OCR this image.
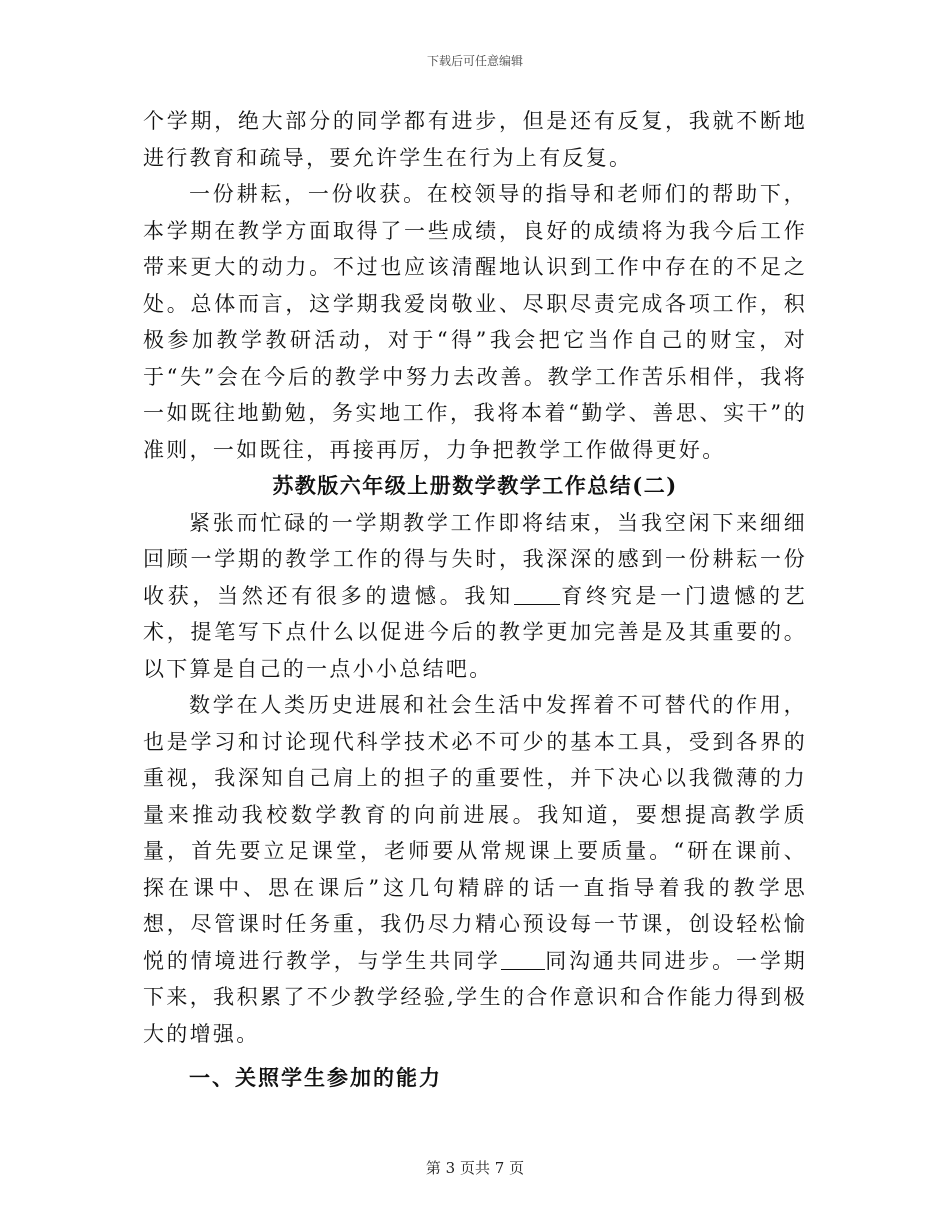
下载后可任意编辑

个学期，绝大部分的同学都有进步，但是还有反复，我就不断地进行教育和疏导，要允许学生在行为上有反复。

一份耕耘，一份收获。在校领导的指导和老师们的帮助下，本学期在教学方面取得了一些成绩，良好的成绩将为我今后工作带来更大的动力。不过也应该清醒地认识到工作中存在的不足之处。总体而言，这学期我爱岗敬业、尽职尽责完成各项工作，积极参加教学教研活动，对于“得”我会把它当作自己的财宝，对于“失”会在今后的教学中努力去改善。教学工作苦乐相伴，我将一如既往地勤勉，务实地工作，我将本着“勤学、善思、实干”的准则，一如既往，再接再厉，力争把教学工作做得更好。

苏教版六年级上册数学教学工作总结(二)

紧张而忙碌的一学期教学工作即将结束，当我空闲下来细细回顾一学期的教学工作的得与失时，我深深的感到一份耕耘一份收获，当然还有很多的遗憾。我知 育终究是一门遗憾的艺术，提笔写下点什么以促进今后的教学更加完善是及其重要的。以下算是自己的一点小小总结吧。

数学在人类历史进展和社会生活中发挥着不可替代的作用，也是学习和讨论现代科学技术必不可少的基本工具，受到各界的重视，我深知自己肩上的担子的重要性，并下决心以我微薄的力量来推动我校数学教育的向前进展。我知道，要想提高教学质量，首先要立足课堂，老师要从常规课上要质量。“研在课前、探在课中、思在课后”这几句精辟的话一直指导着我的教学思想，尽管课时任务重，我仍尽力精心预设每一节课，创设轻松愉悦的情境进行教学，与学生共同学 同沟通共同进步。一学期下来，我积累了不少教学经验,学生的合作意识和合作能力得到极大的增强。

一、关照学生参加的能力

第 3 页共 7 页
